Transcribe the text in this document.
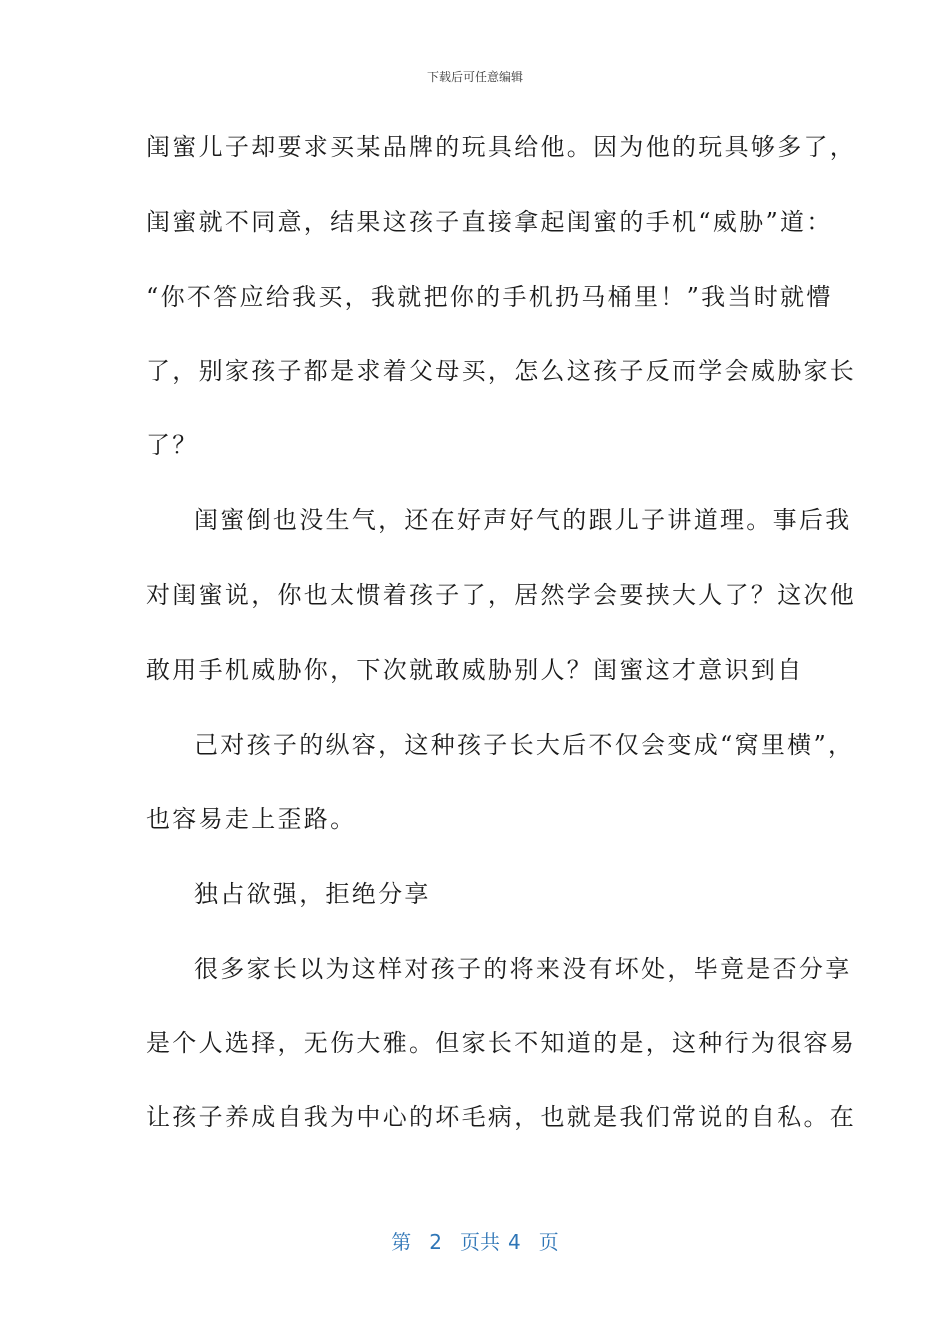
下载后可任意编辑
闺蜜儿子却要求买某品牌的玩具给他。因为他的玩具够多了，
闺蜜就不同意，结果这孩子直接拿起闺蜜的手机“威胁”道：
“你不答应给我买，我就把你的手机扔马桶里！”我当时就懵
了，别家孩子都是求着父母买，怎么这孩子反而学会威胁家长
了？
闺蜜倒也没生气，还在好声好气的跟儿子讲道理。事后我
对闺蜜说，你也太惯着孩子了，居然学会要挟大人了？这次他
敢用手机威胁你，下次就敢威胁别人？闺蜜这才意识到自
己对孩子的纵容，这种孩子长大后不仅会变成“窝里横”，
也容易走上歪路。
独占欲强，拒绝分享
很多家长以为这样对孩子的将来没有坏处，毕竟是否分享
是个人选择，无伤大雅。但家长不知道的是，这种行为很容易
让孩子养成自我为中心的坏毛病，也就是我们常说的自私。在
第 2 页共 4 页
